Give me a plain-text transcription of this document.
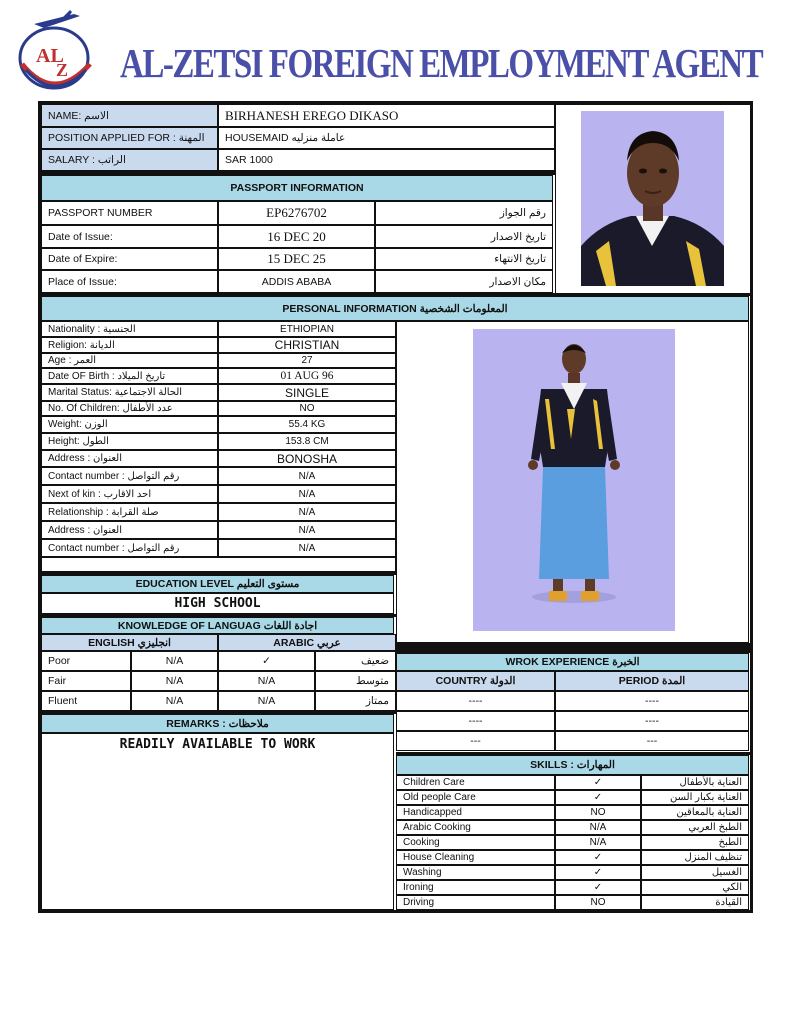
AL
Z AL-ZETSI FOREIGN EMPLOYMENT AGENT
NAME: الاسم	BIRHANESH EREGO DIKASO
POSITION APPLIED FOR : المهنة	HOUSEMAID عاملة منزليه
SALARY : الراتب	SAR 1000
PASSPORT INFORMATION
PASSPORT NUMBER	EP6276702	رقم الجواز
Date of Issue:	16 DEC 20	تاريخ الاصدار
Date of Expire:	15 DEC 25	تاريخ الانتهاء
Place of Issue:	ADDIS ABABA	مكان الاصدار
PERSONAL INFORMATION المعلومات الشخصية
Nationality : الجنسية	ETHIOPIAN
Religion: الديانة	CHRISTIAN
Age : العمر	27
Date OF Birth : تاريخ الميلاد	01 AUG 96
Marital Status: الحالة الاجتماعية	SINGLE
No. Of Children: عدد الأطفال	NO
Weight: الوزن	55.4 KG
Height: الطول	153.8 CM
Address : العنوان	BONOSHA
Contact number : رقم التواصل	N/A
Next of kin : احد الاقارب	N/A
Relationship : صلة القرابة	N/A
Address : العنوان	N/A
Contact number : رقم التواصل	N/A
EDUCATION LEVEL مستوى التعليم
HIGH SCHOOL
KNOWLEDGE OF LANGUAG اجادة اللغات
ENGLISH انجليزي	ARABIC عربي
Poor	N/A	✓	ضعيف
Fair	N/A	N/A	متوسط
Fluent	N/A	N/A	ممتاز
WROK EXPERIENCE الخبرة
COUNTRY الدولة	PERIOD المدة
----	----
----	----
---	---
REMARKS : ملاحظات
READILY AVAILABLE TO WORK
SKILLS : المهارات
Children Care	✓	العناية بالأطفال
Old people Care	✓	العناية بكبار السن
Handicapped	NO	العناية بالمعاقين
Arabic Cooking	N/A	الطبخ العربي
Cooking	N/A	الطبخ
House Cleaning	✓	تنظيف المنزل
Washing	✓	الغسيل
Ironing	✓	الكي
Driving	NO	القيادة
